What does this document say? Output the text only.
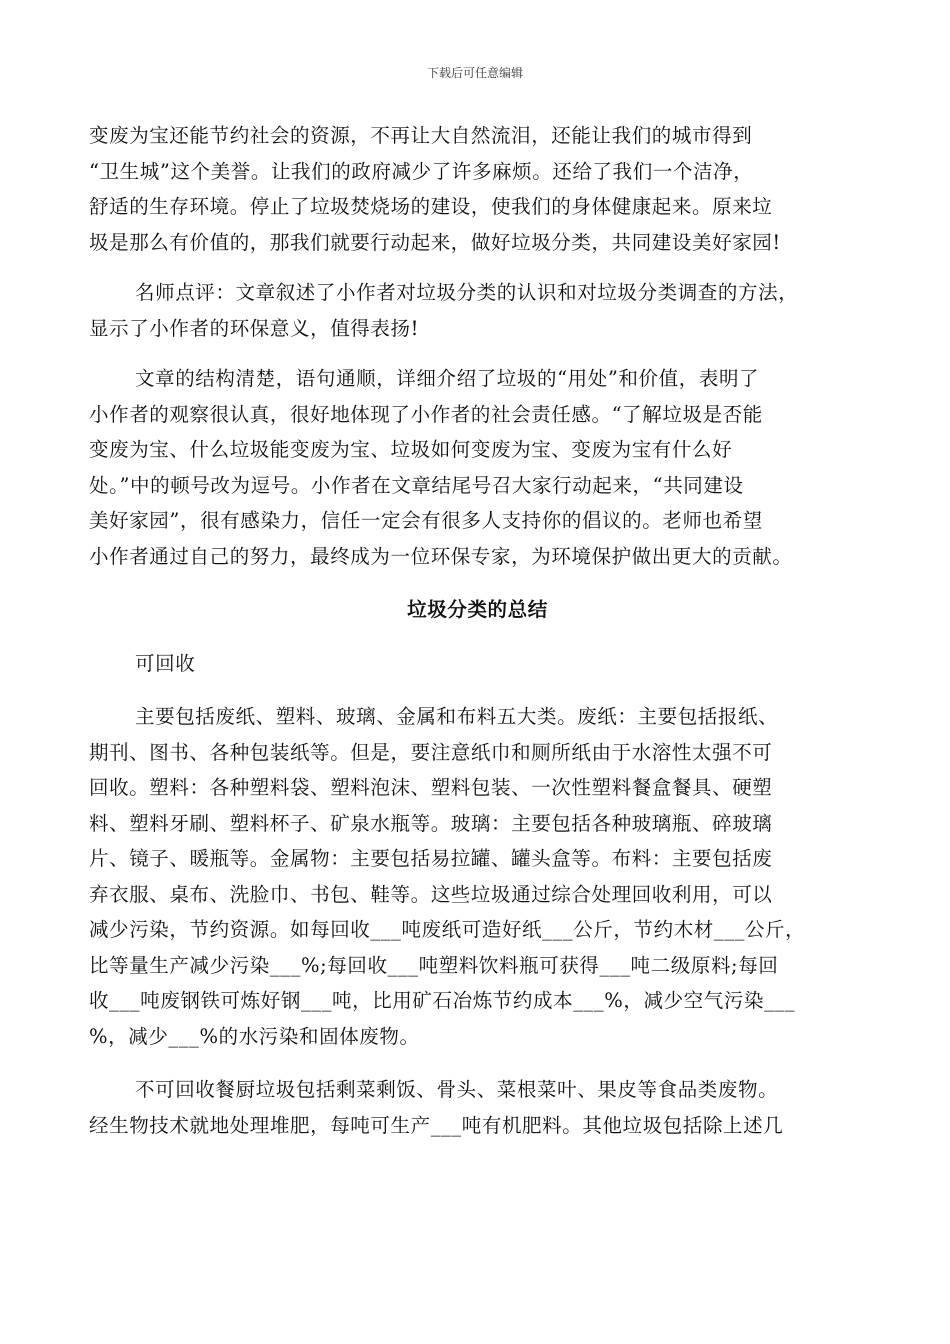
下载后可任意编辑
变废为宝还能节约社会的资源，不再让大自然流泪，还能让我们的城市得到
“卫生城”这个美誉。让我们的政府减少了许多麻烦。还给了我们一个洁净，
舒适的生存环境。停止了垃圾焚烧场的建设，使我们的身体健康起来。原来垃
圾是那么有价值的，那我们就要行动起来，做好垃圾分类，共同建设美好家园!
名师点评：文章叙述了小作者对垃圾分类的认识和对垃圾分类调查的方法，
显示了小作者的环保意义，值得表扬!
文章的结构清楚，语句通顺，详细介绍了垃圾的“用处”和价值，表明了
小作者的观察很认真，很好地体现了小作者的社会责任感。“了解垃圾是否能
变废为宝、什么垃圾能变废为宝、垃圾如何变废为宝、变废为宝有什么好
处。”中的顿号改为逗号。小作者在文章结尾号召大家行动起来，“共同建设
美好家园”，很有感染力，信任一定会有很多人支持你的倡议的。老师也希望
小作者通过自己的努力，最终成为一位环保专家，为环境保护做出更大的贡献。
垃圾分类的总结
可回收
主要包括废纸、塑料、玻璃、金属和布料五大类。废纸：主要包括报纸、
期刊、图书、各种包装纸等。但是，要注意纸巾和厕所纸由于水溶性太强不可
回收。塑料：各种塑料袋、塑料泡沫、塑料包装、一次性塑料餐盒餐具、硬塑
料、塑料牙刷、塑料杯子、矿泉水瓶等。玻璃：主要包括各种玻璃瓶、碎玻璃
片、镜子、暖瓶等。金属物：主要包括易拉罐、罐头盒等。布料：主要包括废
弃衣服、桌布、洗脸巾、书包、鞋等。这些垃圾通过综合处理回收利用，可以
减少污染，节约资源。如每回收___吨废纸可造好纸___公斤，节约木材___公斤，
比等量生产减少污染___%;每回收___吨塑料饮料瓶可获得___吨二级原料;每回
收___吨废钢铁可炼好钢___吨，比用矿石冶炼节约成本___%，减少空气污染___
%，减少___%的水污染和固体废物。
不可回收餐厨垃圾包括剩菜剩饭、骨头、菜根菜叶、果皮等食品类废物。
经生物技术就地处理堆肥，每吨可生产___吨有机肥料。其他垃圾包括除上述几
